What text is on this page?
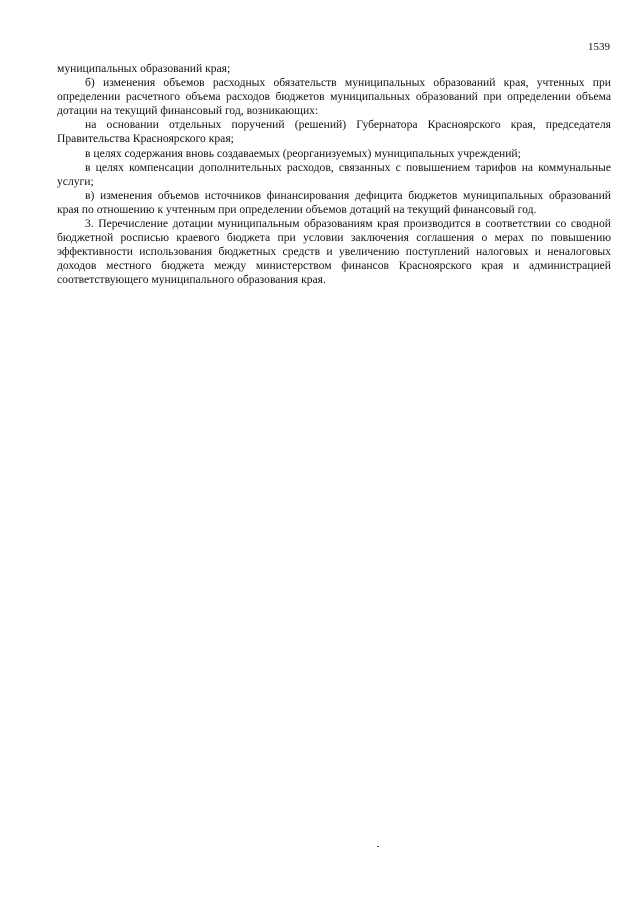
1539

муниципальных образований края;

б) изменения объемов расходных обязательств муниципальных образований края, учтенных при определении расчетного объема расходов бюджетов муниципальных образований при определении объема дотации на текущий финансовый год, возникающих:

на основании отдельных поручений (решений) Губернатора Красноярского края, председателя Правительства Красноярского края;

в целях содержания вновь создаваемых (реорганизуемых) муниципальных учреждений;

в целях компенсации дополнительных расходов, связанных с повышением тарифов на коммунальные услуги;

в) изменения объемов источников финансирования дефицита бюджетов муниципальных образований края по отношению к учтенным при определении объемов дотаций на текущий финансовый год.

3. Перечисление дотации муниципальным образованиям края производится в соответствии со сводной бюджетной росписью краевого бюджета при условии заключения соглашения о мерах по повышению эффективности использования бюджетных средств и увеличению поступлений налоговых и неналоговых доходов местного бюджета между министерством финансов Красноярского края и администрацией соответствующего муниципального образования края.
